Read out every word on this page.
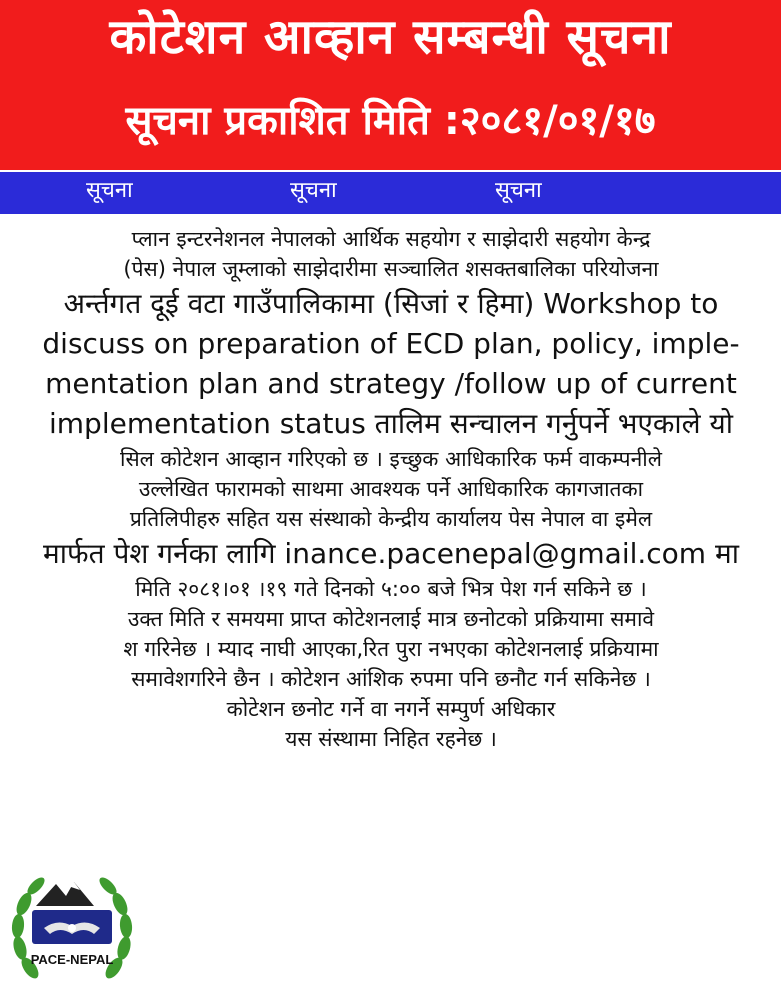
कोटेशन आव्हान सम्बन्धी सूचना
सूचना प्रकाशित मिति :२०८१/०१/१७
सूचना	सूचना	सूचना
प्लान इन्टरनेशनल नेपालको आर्थिक सहयोग र साझेदारी सहयोग केन्द्र
(पेस) नेपाल जूम्लाको साझेदारीमा सञ्चालित शसक्तबालिका परियोजना
अर्न्तगत दूई वटा गाउँपालिकामा (सिजां र हिमा) Workshop to
discuss on preparation of ECD plan, policy, imple-
mentation plan and strategy /follow up of current
implementation status तालिम सन्चालन गर्नुपर्ने भएकाले यो
सिल कोटेशन आव्हान गरिएको छ । इच्छुक आधिकारिक फर्म वाकम्पनीले
उल्लेखित फारामको साथमा आवश्यक पर्ने आधिकारिक कागजातका
प्रतिलिपीहरु सहित यस संस्थाको केन्द्रीय कार्यालय पेस नेपाल वा इमेल
मार्फत पेश गर्नका लागि inance.pacenepal@gmail.com मा
मिति २०८१।०१ ।१९ गते दिनको ५:०० बजे भित्र पेश गर्न सकिने छ ।
उक्त मिति र समयमा प्राप्त कोटेशनलाई मात्र छनोटको प्रक्रियामा समावे
श गरिनेछ । म्याद नाघी आएका,रित पुरा नभएका कोटेशनलाई प्रक्रियामा
समावेशगरिने छैन । कोटेशन आंशिक रुपमा पनि छनौट गर्न सकिनेछ ।
कोटेशन छनोट गर्ने वा नगर्ने सम्पुर्ण अधिकार
यस संस्थामा निहित रहनेछ ।
PACE-NEPAL
